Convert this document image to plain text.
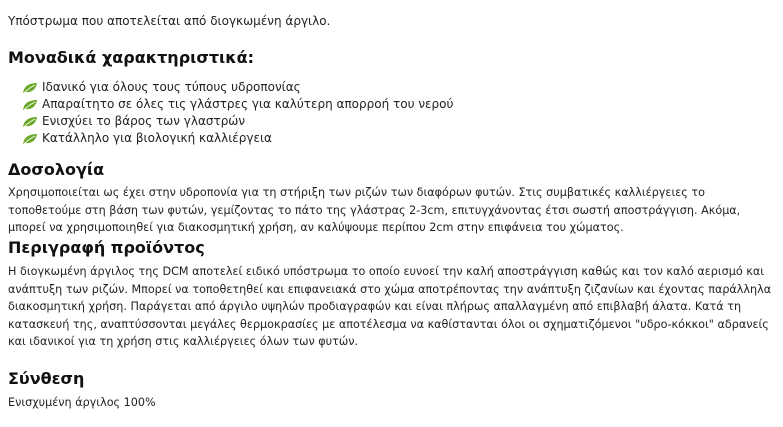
Υπόστρωμα που αποτελείται από διογκωμένη άργιλο.

Μοναδικά χαρακτηριστικά:
Ιδανικό για όλους τους τύπους υδροπονίας
Απαραίτητο σε όλες τις γλάστρες για καλύτερη απορροή του νερού
Ενισχύει το βάρος των γλαστρών
Κατάλληλο για βιολογική καλλιέργεια
Δοσολογία

Χρησιμοποιείται ως έχει στην υδροπονία για τη στήριξη των ριζών των διαφόρων φυτών. Στις συμβατικές καλλιέργειες το τοποθετούμε στη βάση των φυτών, γεμίζοντας το πάτο της γλάστρας 2-3cm, επιτυγχάνοντας έτσι σωστή αποστράγγιση. Ακόμα, μπορεί να χρησιμοποιηθεί για διακοσμητική χρήση, αν καλύψουμε περίπου 2cm στην επιφάνεια του χώματος.

Περιγραφή προϊόντος

Η διογκωμένη άργιλος της DCM αποτελεί ειδικό υπόστρωμα το οποίο ευνοεί την καλή αποστράγγιση καθώς και τον καλό αερισμό και ανάπτυξη των ριζών. Μπορεί να τοποθετηθεί και επιφανειακά στο χώμα αποτρέποντας την ανάπτυξη ζιζανίων και έχοντας παράλληλα διακοσμητική χρήση. Παράγεται από άργιλο υψηλών προδιαγραφών και είναι πλήρως απαλλαγμένη από επιβλαβή άλατα. Κατά τη κατασκευή της, αναπτύσσονται μεγάλες θερμοκρασίες με αποτέλεσμα να καθίστανται όλοι οι σχηματιζόμενοι "υδρο-κόκκοι" αδρανείς και ιδανικοί για τη χρήση στις καλλιέργειες όλων των φυτών.

Σύνθεση

Ενισχυμένη άργιλος 100%
